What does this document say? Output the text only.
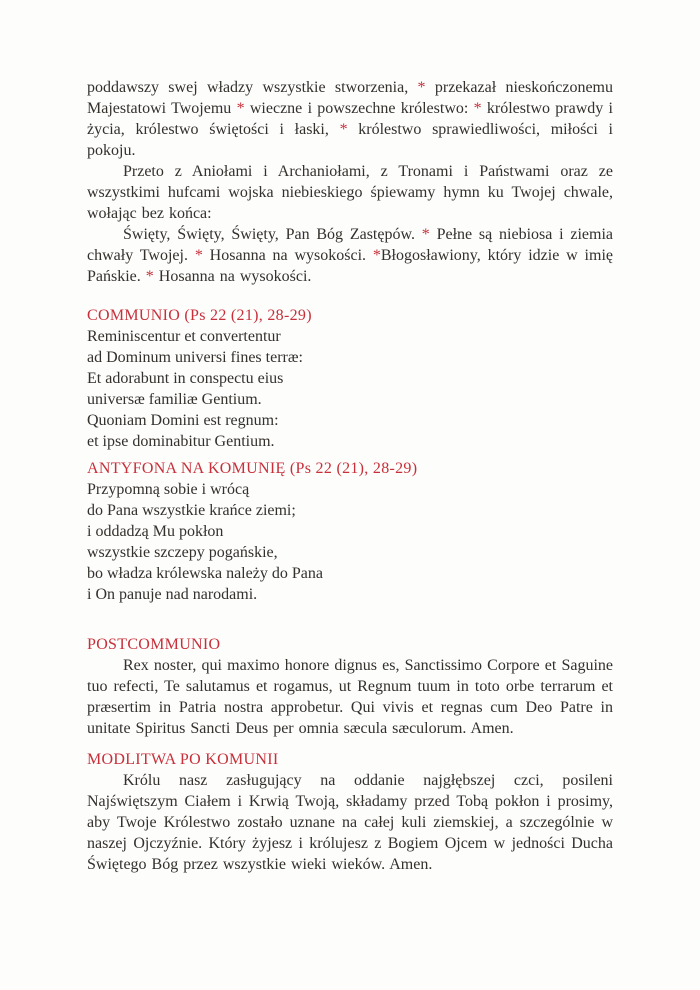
poddawszy swej władzy wszystkie stworzenia, * przekazał nieskończonemu Majestatowi Twojemu * wieczne i powszechne królestwo: * królestwo prawdy i życia, królestwo świętości i łaski, * królestwo sprawiedliwości, miłości i pokoju.

Przeto z Aniołami i Archaniołami, z Tronami i Państwami oraz ze wszystkimi hufcami wojska niebieskiego śpiewamy hymn ku Twojej chwale, wołając bez końca:

Święty, Święty, Święty, Pan Bóg Zastępów. * Pełne są niebiosa i ziemia chwały Twojej. * Hosanna na wysokości. *Błogosławiony, który idzie w imię Pańskie. * Hosanna na wysokości.

COMMUNIO (Ps 22 (21), 28-29)
Reminiscentur et convertentur
ad Dominum universi fines terræ:
Et adorabunt in conspectu eius
universæ familiæ Gentium.
Quoniam Domini est regnum:
et ipse dominabitur Gentium.
ANTYFONA NA KOMUNIĘ (Ps 22 (21), 28-29)
Przypomną sobie i wrócą
do Pana wszystkie krańce ziemi;
i oddadzą Mu pokłon
wszystkie szczepy pogańskie,
bo władza królewska należy do Pana
i On panuje nad narodami.
POSTCOMMUNIO

Rex noster, qui maximo honore dignus es, Sanctissimo Corpore et Saguine tuo refecti, Te salutamus et rogamus, ut Regnum tuum in toto orbe terrarum et præsertim in Patria nostra approbetur. Qui vivis et regnas cum Deo Patre in unitate Spiritus Sancti Deus per omnia sæcula sæculorum. Amen.

MODLITWA PO KOMUNII

Królu nasz zasługujący na oddanie najgłębszej czci, posileni Najświętszym Ciałem i Krwią Twoją, składamy przed Tobą pokłon i prosimy, aby Twoje Królestwo zostało uznane na całej kuli ziemskiej, a szczególnie w naszej Ojczyźnie. Który żyjesz i królujesz z Bogiem Ojcem w jedności Ducha Świętego Bóg przez wszystkie wieki wieków. Amen.
